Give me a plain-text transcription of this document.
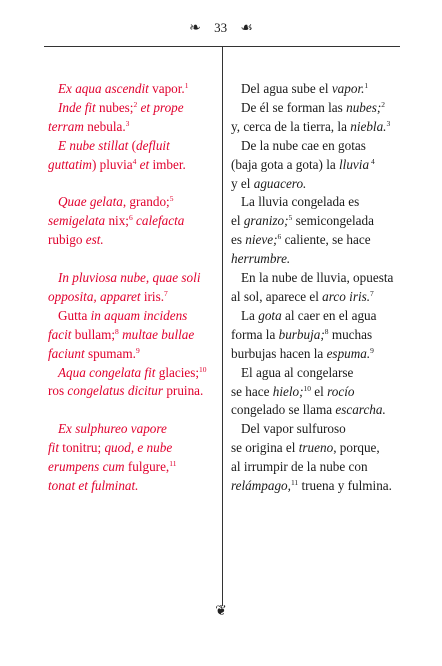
❧ 33 ☙
Ex aqua ascendit vapor.$^1$
Inde fit nubes;$^2$ et prope
terram nebula.$^3$
E nube stillat (defluit
guttatim) pluvia$^4$ et imber.
Quae gelata, grando;$^5$
semigelata nix;$^6$ calefacta
rubigo est.
In pluviosa nube, quae soli
opposita, apparet iris.$^7$
Gutta in aquam incidens
facit bullam;$^8$ multae bullae
faciunt spumam.$^9$
Aqua congelata fit glacies;$^{10}$
ros congelatus dicitur pruina.
Ex sulphureo vapore
fit tonitru; quod, e nube
erumpens cum fulgure,$^{11}$
tonat et fulminat.
Del agua sube el vapor.$^1$
De él se forman las nubes;$^2$
y, cerca de la tierra, la niebla.$^3$
De la nube cae en gotas
(baja gota a gota) la lluvia $^4$
y el aguacero.
La lluvia congelada es
el granizo;$^5$ semicongelada
es nieve;$^6$ caliente, se hace
herrumbre.
En la nube de lluvia, opuesta
al sol, aparece el arco iris.$^7$
La gota al caer en el agua
forma la burbuja;$^8$ muchas
burbujas hacen la espuma.$^9$
El agua al congelarse
se hace hielo;$^{10}$ el rocío
congelado se llama escarcha.
Del vapor sulfuroso
se origina el trueno, porque,
al irrumpir de la nube con
relámpago,$^{11}$ truena y fulmina.
❦
